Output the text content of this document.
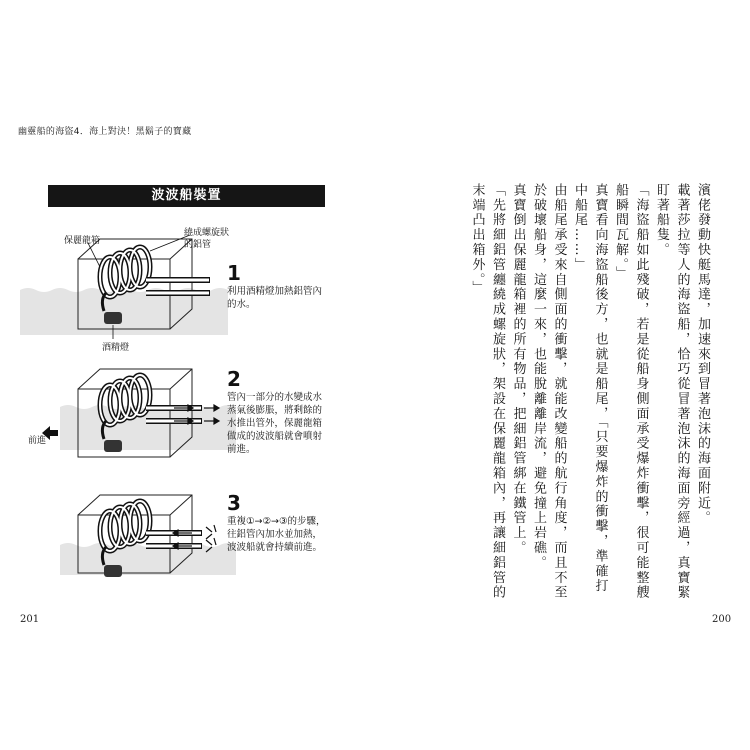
幽靈船的海盜4．海上對決！黑鬍子的寶藏
波波船裝置
保麗龍箱
繞成螺旋狀
的鋁管
酒精燈
前進
1
利用酒精燈加熱鋁管內的水。
2
管內一部分的水變成水蒸氣後膨脹，將剩餘的水推出管外，保麗龍箱做成的波波船就會噴射前進。
3
重複①→②→③的步驟，往鋁管內加水並加熱，波波船就會持續前進。

濱佬發動快艇馬達，加速來到冒著泡沫的海面附近。

載著莎拉等人的海盜船，恰巧從冒著泡沫的海面旁經過，真寶緊盯著船隻。

「海盜船如此殘破，若是從船身側面承受爆炸衝擊，很可能整艘船瞬間瓦解。」

真寶看向海盜船後方，也就是船尾，「只要爆炸的衝擊，準確打中船尾……」

由船尾承受來自側面的衝擊，就能改變船的航行角度，而且不至於破壞船身，這麼一來，也能脫離離岸流，避免撞上岩礁。

真寶倒出保麗龍箱裡的所有物品，把細鋁管綁在鐵管上。

「先將細鋁管纏繞成螺旋狀，架設在保麗龍箱內，再讓細鋁管的末端凸出箱外。」

201	200
